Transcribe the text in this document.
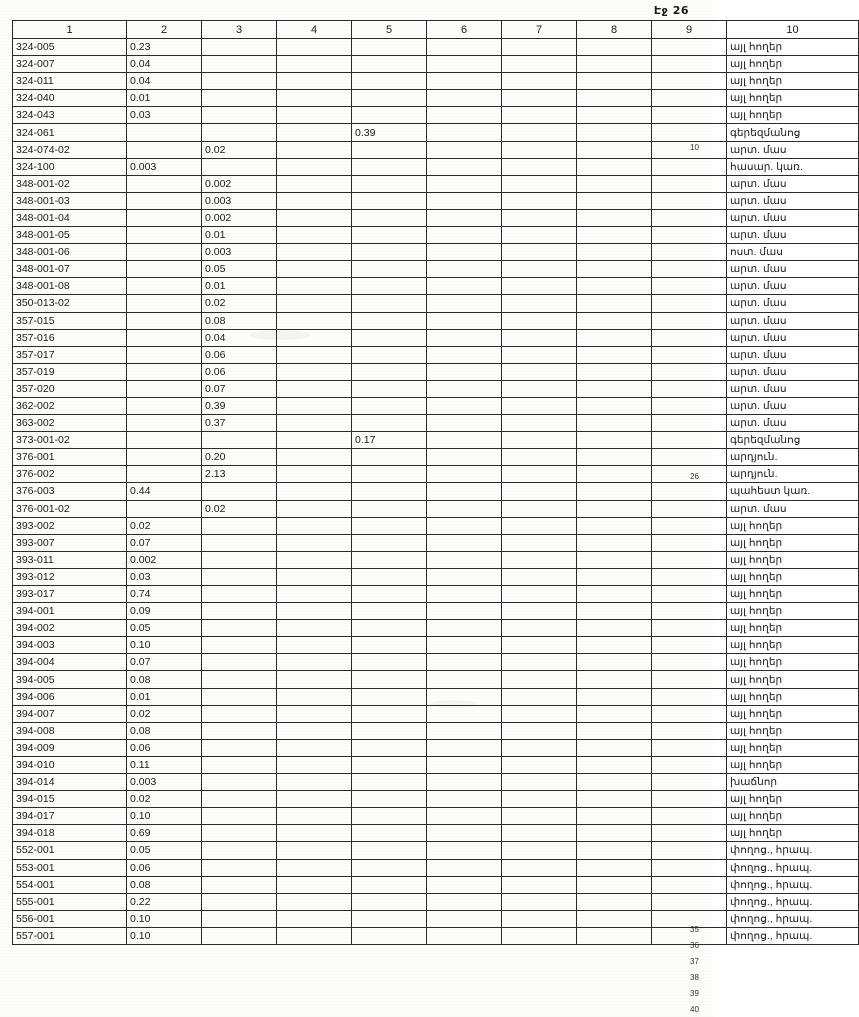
Էջ 26
1	2	3	4	5	6	7	8	9	10
324-005	0.23								այլ հողեր
324-007	0.04								այլ հողեր
324-011	0.04								այլ հողեր
324-040	0.01								այլ հողեր
324-043	0.03								այլ հողեր
324-061				0.39					գերեզմանոց
324-074-02		0.02							արտ. մաս
324-100	0.003								հասար. կառ.
348-001-02		0.002							արտ. մաս
348-001-03		0.003							արտ. մաս
348-001-04		0.002							արտ. մաս
348-001-05		0.01							արտ. մաս
348-001-06		0.003							ոստ. մաս
348-001-07		0.05							արտ. մաս
348-001-08		0.01							արտ. մաս
350-013-02		0.02							արտ. մաս
357-015		0.08							արտ. մաս
357-016		0.04							արտ. մաս
357-017		0.06							արտ. մաս
357-019		0.06							արտ. մաս
357-020		0.07							արտ. մաս
362-002		0.39							արտ. մաս
363-002		0.37							արտ. մաս
373-001-02				0.17					գերեզմանոց
376-001		0.20							արդյուն.
376-002		2.13							արդյուն.
376-003	0.44								պահեստ կառ.
376-001-02		0.02							արտ. մաս
393-002	0.02								այլ հողեր
393-007	0.07								այլ հողեր
393-011	0.002								այլ հողեր
393-012	0.03								այլ հողեր
393-017	0.74								այլ հողեր
394-001	0.09								այլ հողեր
394-002	0.05								այլ հողեր
394-003	0.10								այլ հողեր
394-004	0.07								այլ հողեր
394-005	0.08								այլ հողեր
394-006	0.01								այլ հողեր
394-007	0.02								այլ հողեր
394-008	0.08								այլ հողեր
394-009	0.06								այլ հողեր
394-010	0.11								այլ հողեր
394-014	0.003								խաճնոր
394-015	0.02								այլ հողեր
394-017	0.10								այլ հողեր
394-018	0.69								այլ հողեր
552-001	0.05								փողոց., հրապ.
553-001	0.06								փողոց., հրապ.
554-001	0.08								փողոց., հրապ.
555-001	0.22								փողոց., հրապ.
556-001	0.10								փողոց., հրապ.
557-001	0.10								փողոց., հրապ.
10
26
35
36
37
38
39
40
